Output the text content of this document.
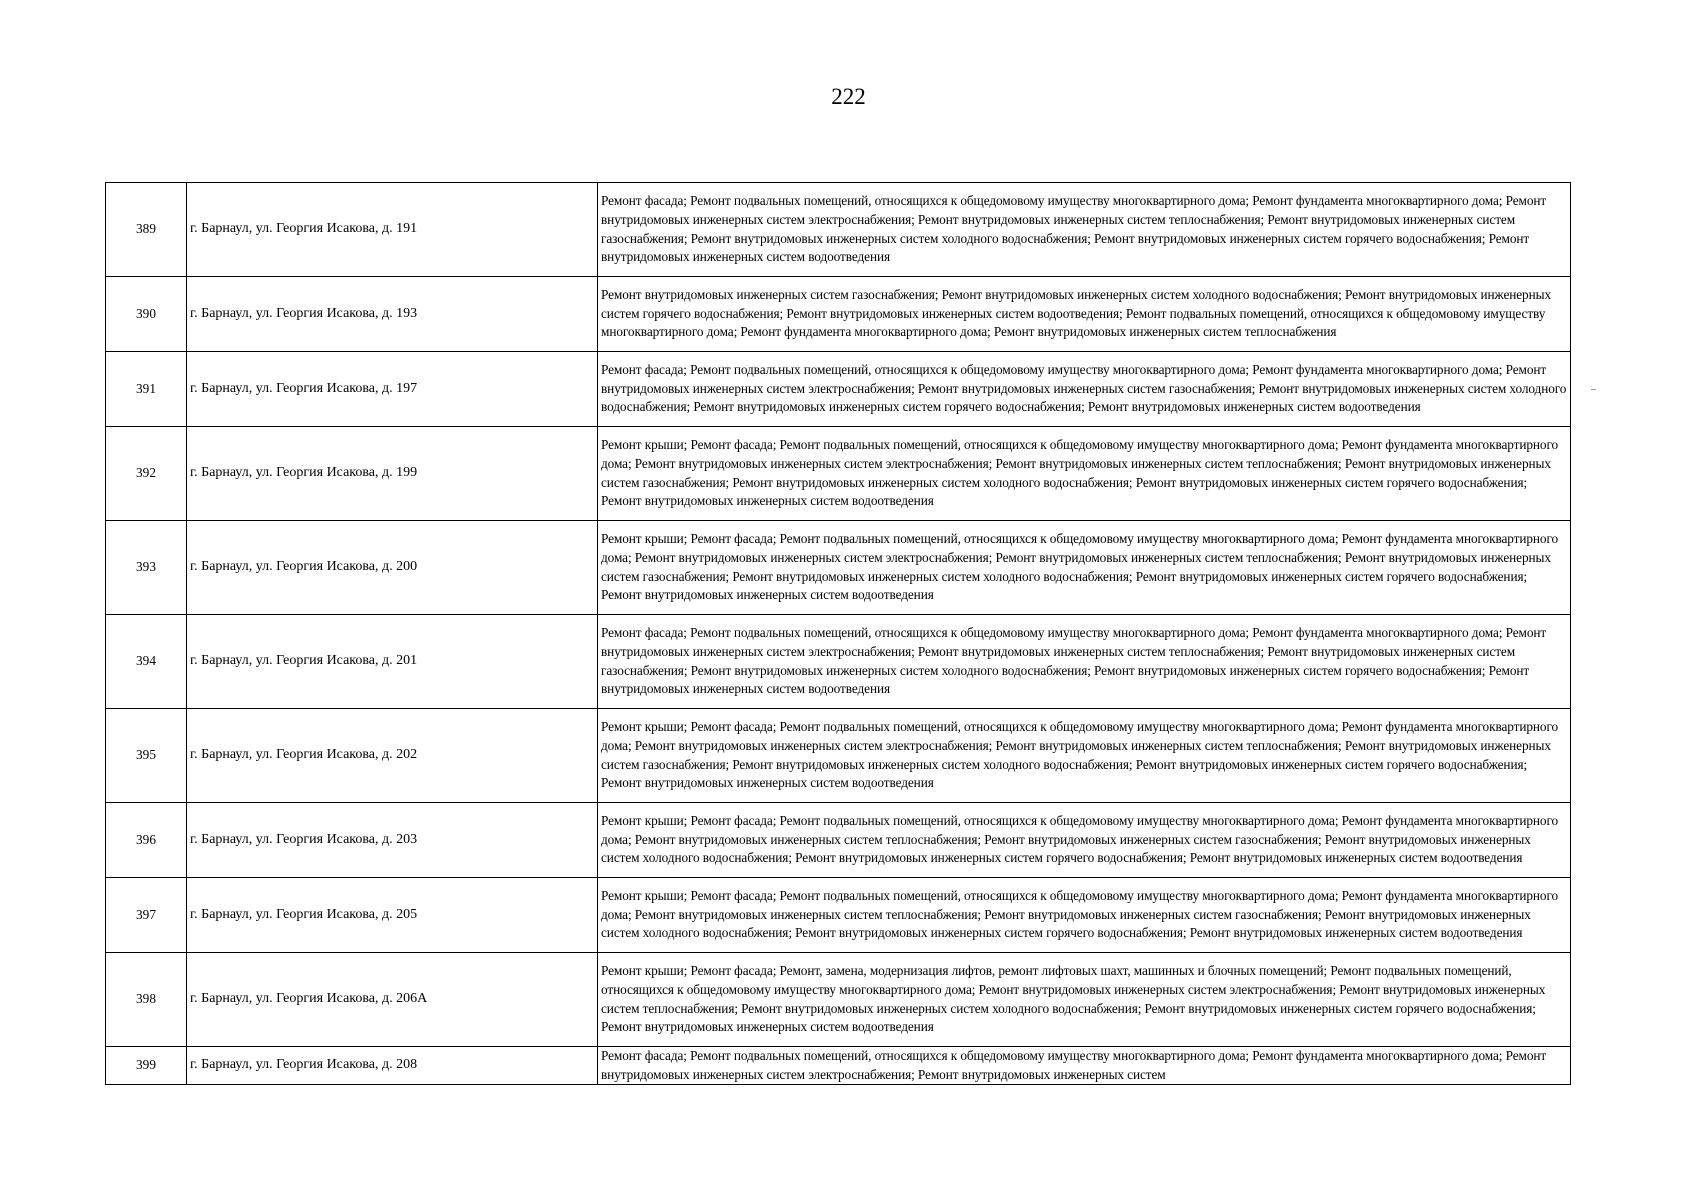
222
389	г. Барнаул, ул. Георгия Исакова, д. 191	Ремонт фасада; Ремонт подвальных помещений, относящихся к общедомовому имуществу многоквартирного дома; Ремонт фундамента многоквартирного дома; Ремонт внутридомовых инженерных систем электроснабжения; Ремонт внутридомовых инженерных систем теплоснабжения; Ремонт внутридомовых инженерных систем газоснабжения; Ремонт внутридомовых инженерных систем холодного водоснабжения; Ремонт внутридомовых инженерных систем горячего водоснабжения; Ремонт внутридомовых инженерных систем водоотведения
390	г. Барнаул, ул. Георгия Исакова, д. 193	Ремонт внутридомовых инженерных систем газоснабжения; Ремонт внутридомовых инженерных систем холодного водоснабжения; Ремонт внутридомовых инженерных систем горячего водоснабжения; Ремонт внутридомовых инженерных систем водоотведения; Ремонт подвальных помещений, относящихся к общедомовому имуществу многоквартирного дома; Ремонт фундамента многоквартирного дома; Ремонт внутридомовых инженерных систем теплоснабжения
391	г. Барнаул, ул. Георгия Исакова, д. 197	Ремонт фасада; Ремонт подвальных помещений, относящихся к общедомовому имуществу многоквартирного дома; Ремонт фундамента многоквартирного дома; Ремонт внутридомовых инженерных систем электроснабжения; Ремонт внутридомовых инженерных систем газоснабжения; Ремонт внутридомовых инженерных систем холодного водоснабжения; Ремонт внутридомовых инженерных систем горячего водоснабжения; Ремонт внутридомовых инженерных систем водоотведения
392	г. Барнаул, ул. Георгия Исакова, д. 199	Ремонт крыши; Ремонт фасада; Ремонт подвальных помещений, относящихся к общедомовому имуществу многоквартирного дома; Ремонт фундамента многоквартирного дома; Ремонт внутридомовых инженерных систем электроснабжения; Ремонт внутридомовых инженерных систем теплоснабжения; Ремонт внутридомовых инженерных систем газоснабжения; Ремонт внутридомовых инженерных систем холодного водоснабжения; Ремонт внутридомовых инженерных систем горячего водоснабжения; Ремонт внутридомовых инженерных систем водоотведения
393	г. Барнаул, ул. Георгия Исакова, д. 200	Ремонт крыши; Ремонт фасада; Ремонт подвальных помещений, относящихся к общедомовому имуществу многоквартирного дома; Ремонт фундамента многоквартирного дома; Ремонт внутридомовых инженерных систем электроснабжения; Ремонт внутридомовых инженерных систем теплоснабжения; Ремонт внутридомовых инженерных систем газоснабжения; Ремонт внутридомовых инженерных систем холодного водоснабжения; Ремонт внутридомовых инженерных систем горячего водоснабжения; Ремонт внутридомовых инженерных систем водоотведения
394	г. Барнаул, ул. Георгия Исакова, д. 201	Ремонт фасада; Ремонт подвальных помещений, относящихся к общедомовому имуществу многоквартирного дома; Ремонт фундамента многоквартирного дома; Ремонт внутридомовых инженерных систем электроснабжения; Ремонт внутридомовых инженерных систем теплоснабжения; Ремонт внутридомовых инженерных систем газоснабжения; Ремонт внутридомовых инженерных систем холодного водоснабжения; Ремонт внутридомовых инженерных систем горячего водоснабжения; Ремонт внутридомовых инженерных систем водоотведения
395	г. Барнаул, ул. Георгия Исакова, д. 202	Ремонт крыши; Ремонт фасада; Ремонт подвальных помещений, относящихся к общедомовому имуществу многоквартирного дома; Ремонт фундамента многоквартирного дома; Ремонт внутридомовых инженерных систем электроснабжения; Ремонт внутридомовых инженерных систем теплоснабжения; Ремонт внутридомовых инженерных систем газоснабжения; Ремонт внутридомовых инженерных систем холодного водоснабжения; Ремонт внутридомовых инженерных систем горячего водоснабжения; Ремонт внутридомовых инженерных систем водоотведения
396	г. Барнаул, ул. Георгия Исакова, д. 203	Ремонт крыши; Ремонт фасада; Ремонт подвальных помещений, относящихся к общедомовому имуществу многоквартирного дома; Ремонт фундамента многоквартирного дома; Ремонт внутридомовых инженерных систем теплоснабжения; Ремонт внутридомовых инженерных систем газоснабжения; Ремонт внутридомовых инженерных систем холодного водоснабжения; Ремонт внутридомовых инженерных систем горячего водоснабжения; Ремонт внутридомовых инженерных систем водоотведения
397	г. Барнаул, ул. Георгия Исакова, д. 205	Ремонт крыши; Ремонт фасада; Ремонт подвальных помещений, относящихся к общедомовому имуществу многоквартирного дома; Ремонт фундамента многоквартирного дома; Ремонт внутридомовых инженерных систем теплоснабжения; Ремонт внутридомовых инженерных систем газоснабжения; Ремонт внутридомовых инженерных систем холодного водоснабжения; Ремонт внутридомовых инженерных систем горячего водоснабжения; Ремонт внутридомовых инженерных систем водоотведения
398	г. Барнаул, ул. Георгия Исакова, д. 206А	Ремонт крыши; Ремонт фасада; Ремонт, замена, модернизация лифтов, ремонт лифтовых шахт, машинных и блочных помещений; Ремонт подвальных помещений, относящихся к общедомовому имуществу многоквартирного дома; Ремонт внутридомовых инженерных систем электроснабжения; Ремонт внутридомовых инженерных систем теплоснабжения; Ремонт внутридомовых инженерных систем холодного водоснабжения; Ремонт внутридомовых инженерных систем горячего водоснабжения; Ремонт внутридомовых инженерных систем водоотведения
399	г. Барнаул, ул. Георгия Исакова, д. 208	Ремонт фасада; Ремонт подвальных помещений, относящихся к общедомовому имуществу многоквартирного дома; Ремонт фундамента многоквартирного дома; Ремонт внутридомовых инженерных систем электроснабжения; Ремонт внутридомовых инженерных систем
